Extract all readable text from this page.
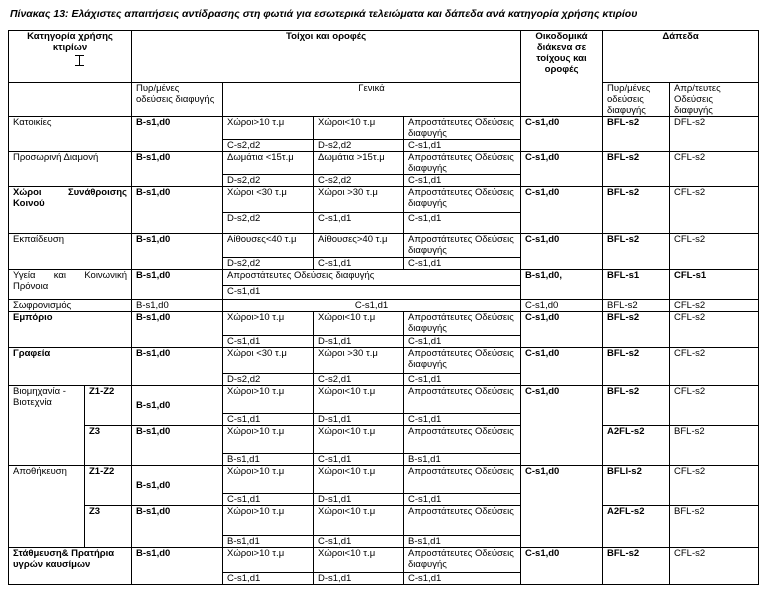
Πίνακας 13: Ελάχιστες απαιτήσεις αντίδρασης στη φωτιά για εσωτερικά τελειώματα και δάπεδα ανά κατηγορία χρήσης κτιρίου
Κατηγορία χρήσης κτιρίων		Τοίχοι και οροφές				Οικοδομικά διάκενα σε τοίχους και οροφές	Δάπεδα	
		Πυρ/μένες οδεύσεις διαφυγής	Γενικά				Πυρ/μένες οδεύσεις διαφυγής	Απρ/τευτες Οδεύσεις διαφυγής
Κατοικίες		B-s1,d0	Χώροι>10 τ.μ	Χώροι<10 τ.μ	Απροστάτευτες Οδεύσεις διαφυγής	C-s1,d0	BFL-s2	DFL-s2
			C-s2,d2	D-s2,d2	C-s1,d1			
Προσωρινή Διαμονή		B-s1,d0	Δωμάτια <15τ.μ	Δωμάτια >15τ.μ	Απροστάτευτες Οδεύσεις διαφυγής	C-s1,d0	BFL-s2	CFL-s2
			D-s2,d2	C-s2,d2	C-s1,d1			
Χώροι Συνάθροισης Κοινού		B-s1,d0	Χώροι <30 τ.μ	Χώροι >30 τ.μ	Απροστάτευτες Οδεύσεις διαφυγής	C-s1,d0	BFL-s2	CFL-s2
			D-s2,d2	C-s1,d1	C-s1,d1			
Εκπαίδευση		B-s1,d0	Αίθουσες<40 τ.μ	Αίθουσες>40 τ.μ	Απροστάτευτες Οδεύσεις διαφυγής	C-s1,d0	BFL-s2	CFL-s2
			D-s2,d2	C-s1,d1	C-s1,d1			
Υγεία και Κοινωνική Πρόνοια		B-s1,d0	Απροστάτευτες Οδεύσεις διαφυγής			B-s1,d0,	BFL-s1	CFL-s1
			C-s1,d1					
Σωφρονισμός		B-s1,d0	C-s1,d1			C-s1,d0	BFL-s2	CFL-s2
Εμπόριο		B-s1,d0	Χώροι>10 τ.μ	Χώροι<10 τ.μ	Απροστάτευτες Οδεύσεις διαφυγής	C-s1,d0	BFL-s2	CFL-s2
			C-s1,d1	D-s1,d1	C-s1,d1			
Γραφεία		B-s1,d0	Χώροι <30 τ.μ	Χώροι >30 τ.μ	Απροστάτευτες Οδεύσεις διαφυγής	C-s1,d0	BFL-s2	CFL-s2
			D-s2,d2	C-s2,d1	C-s1,d1			
Βιομηχανία - Βιοτεχνία	Z1-Z2	B-s1,d0	Χώροι>10 τ.μ	Χώροι<10 τ.μ	Απροστάτευτες Οδεύσεις	C-s1,d0	BFL-s2	CFL-s2
			C-s1,d1	D-s1,d1	C-s1,d1			
	Z3	B-s1,d0	Χώροι>10 τ.μ	Χώροι<10 τ.μ	Απροστάτευτες Οδεύσεις		A2FL-s2	BFL-s2
			B-s1,d1	C-s1,d1	B-s1,d1			
Αποθήκευση	Z1-Z2	B-s1,d0	Χώροι>10 τ.μ	Χώροι<10 τ.μ	Απροστάτευτες Οδεύσεις	C-s1,d0	BFLl-s2	CFL-s2
			C-s1,d1	D-s1,d1	C-s1,d1			
	Z3	B-s1,d0	Χώροι>10 τ.μ	Χώροι<10 τ.μ	Απροστάτευτες Οδεύσεις		A2FL-s2	BFL-s2
			B-s1,d1	C-s1,d1	B-s1,d1			
Στάθμευση& Πρατήρια υγρών καυσίμων		B-s1,d0	Χώροι>10 τ.μ	Χώροι<10 τ.μ	Απροστάτευτες Οδεύσεις διαφυγής	C-s1,d0	BFL-s2	CFL-s2
			C-s1,d1	D-s1,d1	C-s1,d1			
